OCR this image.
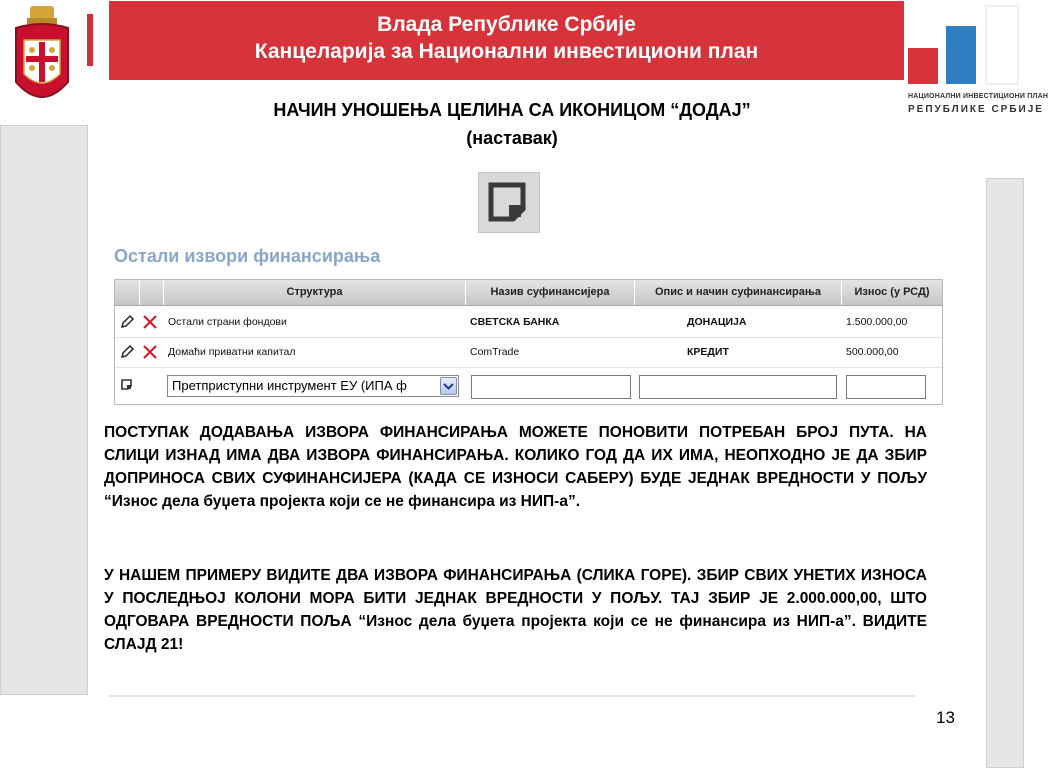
Влада Републике Србије
Канцеларија за Национални инвестициони план
НАЦИОНАЛНИ ИНВЕСТИЦИОНИ ПЛАН
РЕПУБЛИКЕ СРБИЈЕ
НАЧИН УНОШЕЊА ЦЕЛИНА СА ИКОНИЦОМ “ДОДАЈ”
(наставак)
Остали извори финансирања
Структура	Назив суфинансијера	Опис и начин суфинансирања	Износ (у РСД)
Остали страни фондови	СВЕТСКА БАНКА	ДОНАЦИЈА	1.500.000,00
Домаћи приватни капитал	ComTrade	КРЕДИТ	500.000,00
Претприступни инструмент ЕУ (ИПА ф
ПОСТУПАК ДОДАВАЊА ИЗВОРА ФИНАНСИРАЊА МОЖЕТЕ ПОНОВИТИ ПОТРЕБАН БРОЈ ПУТА. НА СЛИЦИ ИЗНАД ИМА ДВА ИЗВОРА ФИНАНСИРАЊА. КОЛИКО ГОД ДА ИХ ИМА, НЕОПХОДНО ЈЕ ДА ЗБИР ДОПРИНОСА СВИХ СУФИНАНСИЈЕРА (КАДА СЕ ИЗНОСИ САБЕРУ) БУДЕ ЈЕДНАК ВРЕДНОСТИ У ПОЉУ “Износ дела буџета пројекта који се не финансира из НИП-а”.
У НАШЕМ ПРИМЕРУ ВИДИТЕ ДВА ИЗВОРА ФИНАНСИРАЊА (СЛИКА ГОРЕ). ЗБИР СВИХ УНЕТИХ ИЗНОСА У ПОСЛЕДЊОЈ КОЛОНИ МОРА БИТИ ЈЕДНАК ВРЕДНОСТИ У ПОЉУ. ТАЈ ЗБИР ЈЕ 2.000.000,00, ШТО ОДГОВАРА ВРЕДНОСТИ ПОЉА “Износ дела буџета пројекта који се не финансира из НИП-а”. ВИДИТЕ СЛАЈД 21!
13
